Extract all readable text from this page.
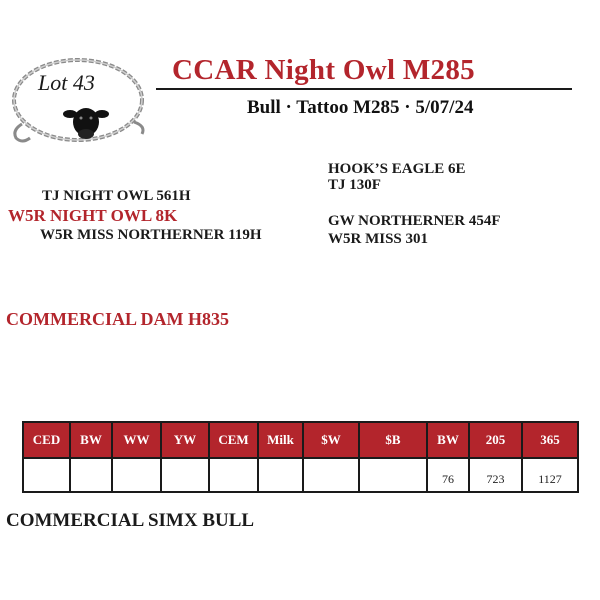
Lot 43	CCAR Night Owl M285
Bull · Tattoo M285 · 5/07/24
TJ NIGHT OWL 561H
W5R NIGHT OWL 8K
W5R MISS NORTHERNER 119H
HOOK’S EAGLE 6E
TJ 130F
GW NORTHERNER 454F
W5R MISS 301
COMMERCIAL DAM H835
CED	BW	WW	YW	CEM	Milk	$W	$B	BW	205	365
								76	723	1127
COMMERCIAL SIMX BULL
